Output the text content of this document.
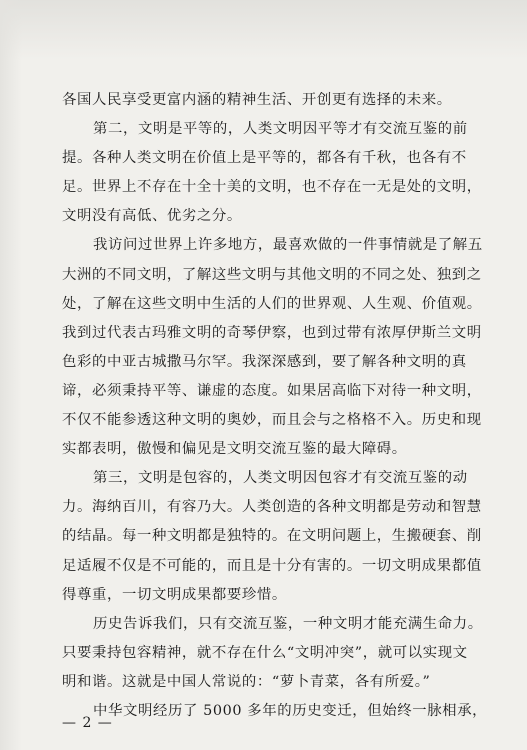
各国人民享受更富内涵的精神生活、开创更有选择的未来。
第二，文明是平等的，人类文明因平等才有交流互鉴的前
提。各种人类文明在价值上是平等的，都各有千秋，也各有不
足。世界上不存在十全十美的文明，也不存在一无是处的文明，
文明没有高低、优劣之分。
我访问过世界上许多地方，最喜欢做的一件事情就是了解五
大洲的不同文明，了解这些文明与其他文明的不同之处、独到之
处，了解在这些文明中生活的人们的世界观、人生观、价值观。
我到过代表古玛雅文明的奇琴伊察，也到过带有浓厚伊斯兰文明
色彩的中亚古城撒马尔罕。我深深感到，要了解各种文明的真
谛，必须秉持平等、谦虚的态度。如果居高临下对待一种文明，
不仅不能参透这种文明的奥妙，而且会与之格格不入。历史和现
实都表明，傲慢和偏见是文明交流互鉴的最大障碍。
第三，文明是包容的，人类文明因包容才有交流互鉴的动
力。海纳百川，有容乃大。人类创造的各种文明都是劳动和智慧
的结晶。每一种文明都是独特的。在文明问题上，生搬硬套、削
足适履不仅是不可能的，而且是十分有害的。一切文明成果都值
得尊重，一切文明成果都要珍惜。
历史告诉我们，只有交流互鉴，一种文明才能充满生命力。
只要秉持包容精神，就不存在什么“文明冲突”，就可以实现文
明和谐。这就是中国人常说的：“萝卜青菜，各有所爱。”
中华文明经历了 5000 多年的历史变迁，但始终一脉相承，
— 2 —
